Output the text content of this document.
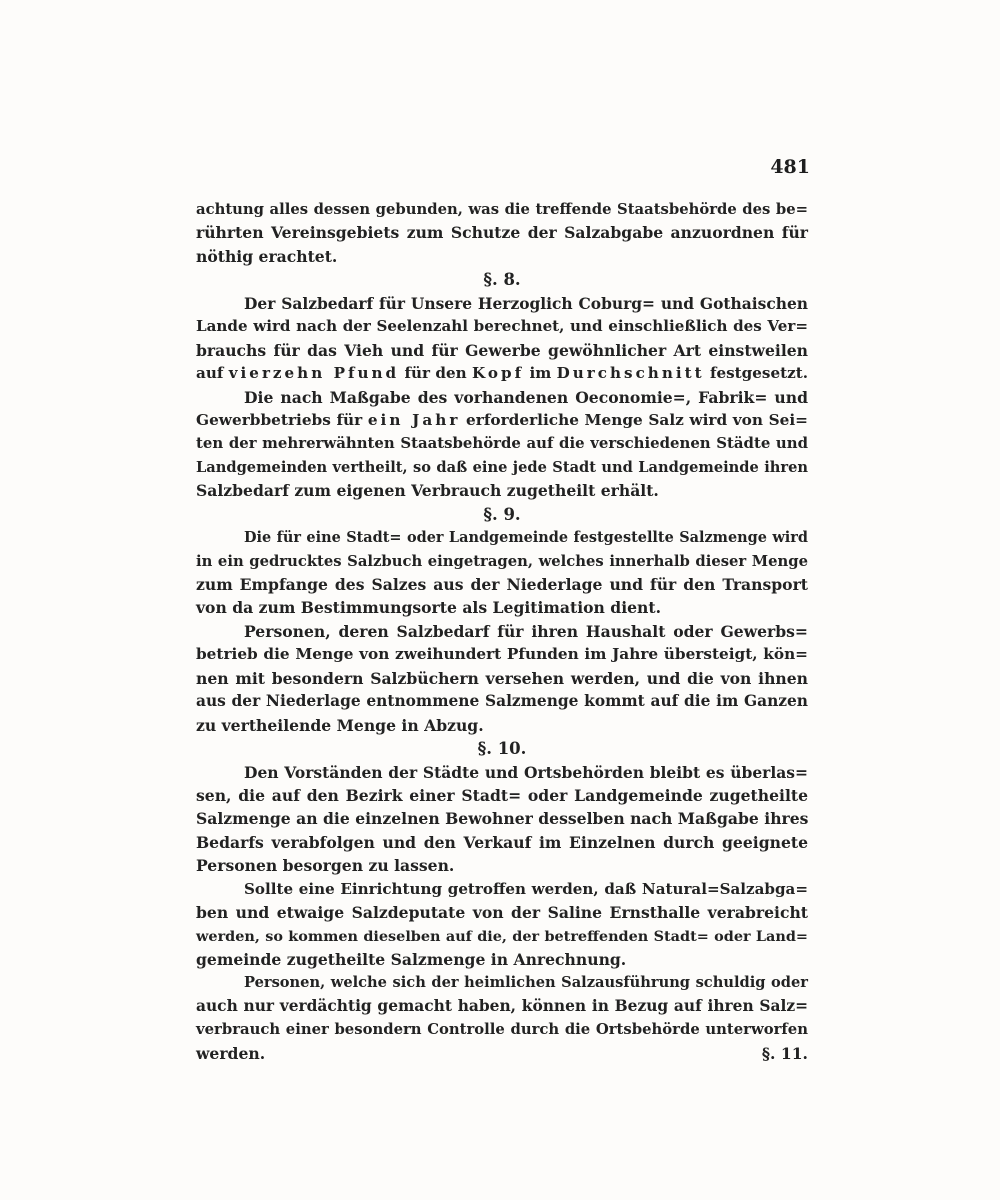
481
achtung alles dessen gebunden, was die treffende Staatsbehörde des be=
rührten Vereinsgebiets zum Schutze der Salzabgabe anzuordnen für
nöthig erachtet.
§. 8.
Der Salzbedarf für Unsere Herzoglich Coburg= und Gothaischen
Lande wird nach der Seelenzahl berechnet, und einschließlich des Ver=
brauchs für das Vieh und für Gewerbe gewöhnlicher Art einstweilen
auf vierzehn Pfund für den Kopf im Durchschnitt festgesetzt.
Die nach Maßgabe des vorhandenen Oeconomie=, Fabrik= und
Gewerbbetriebs für ein Jahr erforderliche Menge Salz wird von Sei=
ten der mehrerwähnten Staatsbehörde auf die verschiedenen Städte und
Landgemeinden vertheilt, so daß eine jede Stadt und Landgemeinde ihren
Salzbedarf zum eigenen Verbrauch zugetheilt erhält.
§. 9.
Die für eine Stadt= oder Landgemeinde festgestellte Salzmenge wird
in ein gedrucktes Salzbuch eingetragen, welches innerhalb dieser Menge
zum Empfange des Salzes aus der Niederlage und für den Transport
von da zum Bestimmungsorte als Legitimation dient.
Personen, deren Salzbedarf für ihren Haushalt oder Gewerbs=
betrieb die Menge von zweihundert Pfunden im Jahre übersteigt, kön=
nen mit besondern Salzbüchern versehen werden, und die von ihnen
aus der Niederlage entnommene Salzmenge kommt auf die im Ganzen
zu vertheilende Menge in Abzug.
§. 10.
Den Vorständen der Städte und Ortsbehörden bleibt es überlas=
sen, die auf den Bezirk einer Stadt= oder Landgemeinde zugetheilte
Salzmenge an die einzelnen Bewohner desselben nach Maßgabe ihres
Bedarfs verabfolgen und den Verkauf im Einzelnen durch geeignete
Personen besorgen zu lassen.
Sollte eine Einrichtung getroffen werden, daß Natural=Salzabga=
ben und etwaige Salzdeputate von der Saline Ernsthalle verabreicht
werden, so kommen dieselben auf die, der betreffenden Stadt= oder Land=
gemeinde zugetheilte Salzmenge in Anrechnung.
Personen, welche sich der heimlichen Salzausführung schuldig oder
auch nur verdächtig gemacht haben, können in Bezug auf ihren Salz=
verbrauch einer besondern Controlle durch die Ortsbehörde unterworfen
werden.	§. 11.
